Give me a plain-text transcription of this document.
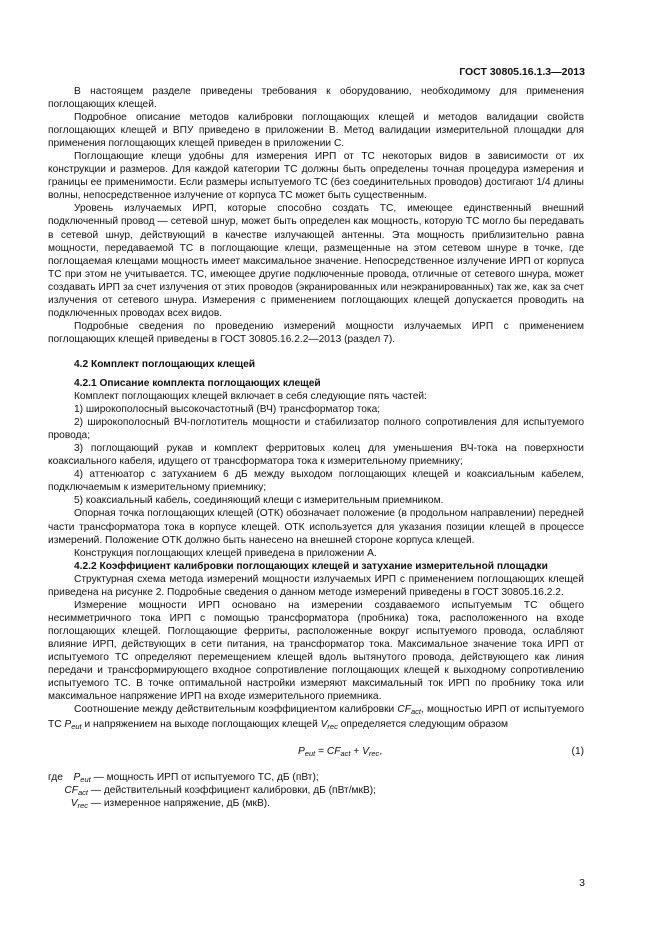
ГОСТ 30805.16.1.3—2013

В настоящем разделе приведены требования к оборудованию, необходимому для применения поглощающих клещей.

Подробное описание методов калибровки поглощающих клещей и методов валидации свойств поглощающих клещей и ВПУ приведено в приложении В. Метод валидации измерительной площадки для применения поглощающих клещей приведен в приложении С.

Поглощающие клещи удобны для измерения ИРП от ТС некоторых видов в зависимости от их конструкции и размеров. Для каждой категории ТС должны быть определены точная процедура измерения и границы ее применимости. Если размеры испытуемого ТС (без соединительных проводов) достигают 1/4 длины волны, непосредственное излучение от корпуса ТС может быть существенным.

Уровень излучаемых ИРП, которые способно создать ТС, имеющее единственный внешний подключенный провод — сетевой шнур, может быть определен как мощность, которую ТС могло бы передавать в сетевой шнур, действующий в качестве излучающей антенны. Эта мощность приблизительно равна мощности, передаваемой ТС в поглощающие клещи, размещенные на этом сетевом шнуре в точке, где поглощаемая клещами мощность имеет максимальное значение. Непосредственное излучение ИРП от корпуса ТС при этом не учитывается. ТС, имеющее другие подключенные провода, отличные от сетевого шнура, может создавать ИРП за счет излучения от этих проводов (экранированных или неэкранированных) так же, как за счет излучения от сетевого шнура. Измерения с применением поглощающих клещей допускается проводить на подключенных проводах всех видов.

Подробные сведения по проведению измерений мощности излучаемых ИРП с применением поглощающих клещей приведены в ГОСТ 30805.16.2.2—2013 (раздел 7).

4.2 Комплект поглощающих клещей

4.2.1 Описание комплекта поглощающих клещей

Комплект поглощающих клещей включает в себя следующие пять частей:

1) широкополосный высокочастотный (ВЧ) трансформатор тока;

2) широкополосный ВЧ-поглотитель мощности и стабилизатор полного сопротивления для испытуемого провода;

3) поглощающий рукав и комплект ферритовых колец для уменьшения ВЧ-тока на поверхности коаксиального кабеля, идущего от трансформатора тока к измерительному приемнику;

4) аттенюатор с затуханием 6 дБ между выходом поглощающих клещей и коаксиальным кабелем, подключаемым к измерительному приемнику;

5) коаксиальный кабель, соединяющий клещи с измерительным приемником.

Опорная точка поглощающих клещей (ОТК) обозначает положение (в продольном направлении) передней части трансформатора тока в корпусе клещей. ОТК используется для указания позиции клещей в процессе измерений. Положение ОТК должно быть нанесено на внешней стороне корпуса клещей.

Конструкция поглощающих клещей приведена в приложении А.

4.2.2 Коэффициент калибровки поглощающих клещей и затухание измерительной площадки

Структурная схема метода измерений мощности излучаемых ИРП с применением поглощающих клещей приведена на рисунке 2. Подробные сведения о данном методе измерений приведены в ГОСТ 30805.16.2.2.

Измерение мощности ИРП основано на измерении создаваемого испытуемым ТС общего несимметричного тока ИРП с помощью трансформатора (пробника) тока, расположенного на входе поглощающих клещей. Поглощающие ферриты, расположенные вокруг испытуемого провода, ослабляют влияние ИРП, действующих в сети питания, на трансформатор тока. Максимальное значение тока ИРП от испытуемого ТС определяют перемещением клещей вдоль вытянутого провода, действующего как линия передачи и трансформирующего входное сопротивление поглощающих клещей к выходному сопротивлению испытуемого ТС. В точке оптимальной настройки измеряют максимальный ток ИРП по пробнику тока или максимальное напряжение ИРП на входе измерительного приемника.

Соотношение между действительным коэффициентом калибровки $CF_{act}$, мощностью ИРП от испытуемого ТС $P_{eut}$ и напряжением на выходе поглощающих клещей $V_{rec}$ определяется следующим образом

$P_{eut} = CF_{act} + V_{rec}$,	(1)
где $P_{eut}$ — мощность ИРП от испытуемого ТС, дБ (пВт);
$CF_{act}$ — действительный коэффициент калибровки, дБ (пВт/мкВ);
$V_{rec}$ — измеренное напряжение, дБ (мкВ).
3
